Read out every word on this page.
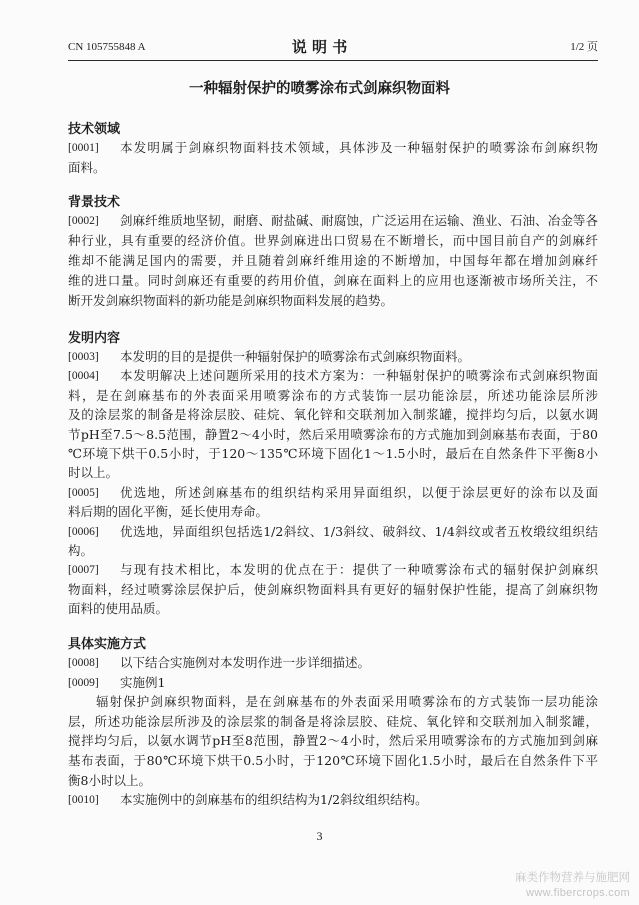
CN 105755848 A	说 明 书	1/2 页
一种辐射保护的喷雾涂布式剑麻织物面料
技术领域
[0001] 本发明属于剑麻织物面料技术领域，具体涉及一种辐射保护的喷雾涂布剑麻织物
面料。
背景技术
[0002] 剑麻纤维质地坚韧，耐磨、耐盐碱、耐腐蚀，广泛运用在运输、渔业、石油、冶金等各
种行业，具有重要的经济价值。世界剑麻进出口贸易在不断增长，而中国目前自产的剑麻纤
维却不能满足国内的需要，并且随着剑麻纤维用途的不断增加，中国每年都在增加剑麻纤
维的进口量。同时剑麻还有重要的药用价值，剑麻在面料上的应用也逐渐被市场所关注，不
断开发剑麻织物面料的新功能是剑麻织物面料发展的趋势。
发明内容
[0003] 本发明的目的是提供一种辐射保护的喷雾涂布式剑麻织物面料。
[0004] 本发明解决上述问题所采用的技术方案为：一种辐射保护的喷雾涂布式剑麻织物面
料，是在剑麻基布的外表面采用喷雾涂布的方式装饰一层功能涂层，所述功能涂层所涉
及的涂层浆的制备是将涂层胶、硅烷、氧化锌和交联剂加入制浆罐，搅拌均匀后，以氨水调
节pH至7.5～8.5范围，静置2～4小时，然后采用喷雾涂布的方式施加到剑麻基布表面，于80
℃环境下烘干0.5小时，于120～135℃环境下固化1～1.5小时，最后在自然条件下平衡8小
时以上。
[0005] 优选地，所述剑麻基布的组织结构采用异面组织，以便于涂层更好的涂布以及面
料后期的固化平衡，延长使用寿命。
[0006] 优选地，异面组织包括选1/2斜纹、1/3斜纹、破斜纹、1/4斜纹或者五枚缎纹组织结
构。
[0007] 与现有技术相比，本发明的优点在于：提供了一种喷雾涂布式的辐射保护剑麻织
物面料，经过喷雾涂层保护后，使剑麻织物面料具有更好的辐射保护性能，提高了剑麻织物
面料的使用品质。
具体实施方式
[0008] 以下结合实施例对本发明作进一步详细描述。
[0009] 实施例1
辐射保护剑麻织物面料，是在剑麻基布的外表面采用喷雾涂布的方式装饰一层功能涂
层，所述功能涂层所涉及的涂层浆的制备是将涂层胶、硅烷、氧化锌和交联剂加入制浆罐，
搅拌均匀后，以氨水调节pH至8范围，静置2～4小时，然后采用喷雾涂布的方式施加到剑麻
基布表面，于80℃环境下烘干0.5小时，于120℃环境下固化1.5小时，最后在自然条件下平
衡8小时以上。
[0010] 本实施例中的剑麻基布的组织结构为1/2斜纹组织结构。
3
麻类作物营养与施肥网
www.fibercrops.com
